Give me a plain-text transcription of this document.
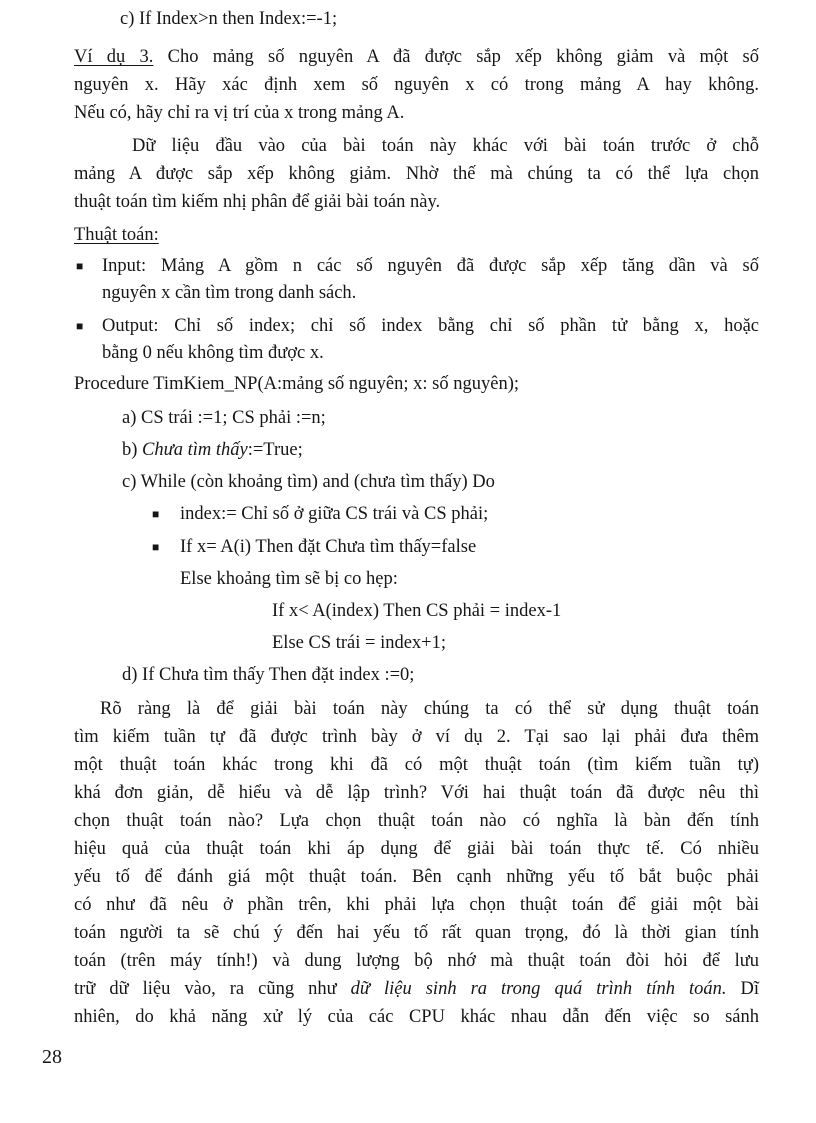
c) If Index>n then Index:=-1;
Ví dụ 3. Cho mảng số nguyên A đã được sắp xếp không giảm và một số
nguyên x. Hãy xác định xem số nguyên x có trong mảng A hay không.
Nếu có, hãy chỉ ra vị trí của x trong mảng A.
Dữ liệu đầu vào của bài toán này khác với bài toán trước ở chỗ
mảng A được sắp xếp không giảm. Nhờ thế mà chúng ta có thể lựa chọn
thuật toán tìm kiếm nhị phân để giải bài toán này.
Thuật toán:
■ Input: Mảng A gồm n các số nguyên đã được sắp xếp tăng dần và số
nguyên x cần tìm trong danh sách.
■ Output: Chỉ số index; chỉ số index bằng chỉ số phần tử bằng x, hoặc
bằng 0 nếu không tìm được x.
Procedure TimKiem_NP(A:mảng số nguyên; x: số nguyên);
a) CS trái :=1; CS phải :=n;
b) Chưa tìm thấy:=True;
c) While (còn khoảng tìm) and (chưa tìm thấy) Do
■ index:= Chỉ số ở giữa CS trái và CS phải;
■ If x= A(i) Then đặt Chưa tìm thấy=false
Else khoảng tìm sẽ bị co hẹp:
If x< A(index) Then CS phải = index-1
Else CS trái = index+1;
d) If Chưa tìm thấy Then đặt index :=0;
Rõ ràng là để giải bài toán này chúng ta có thể sử dụng thuật toán
tìm kiếm tuần tự đã được trình bày ở ví dụ 2. Tại sao lại phải đưa thêm
một thuật toán khác trong khi đã có một thuật toán (tìm kiếm tuần tự)
khá đơn giản, dễ hiểu và dễ lập trình? Với hai thuật toán đã được nêu thì
chọn thuật toán nào? Lựa chọn thuật toán nào có nghĩa là bàn đến tính
hiệu quả của thuật toán khi áp dụng để giải bài toán thực tế. Có nhiều
yếu tố để đánh giá một thuật toán. Bên cạnh những yếu tố bắt buộc phải
có như đã nêu ở phần trên, khi phải lựa chọn thuật toán để giải một bài
toán người ta sẽ chú ý đến hai yếu tố rất quan trọng, đó là thời gian tính
toán (trên máy tính!) và dung lượng bộ nhớ mà thuật toán đòi hỏi để lưu
trữ dữ liệu vào, ra cũng như dữ liệu sinh ra trong quá trình tính toán. Dĩ
nhiên, do khả năng xử lý của các CPU khác nhau dẫn đến việc so sánh
28
